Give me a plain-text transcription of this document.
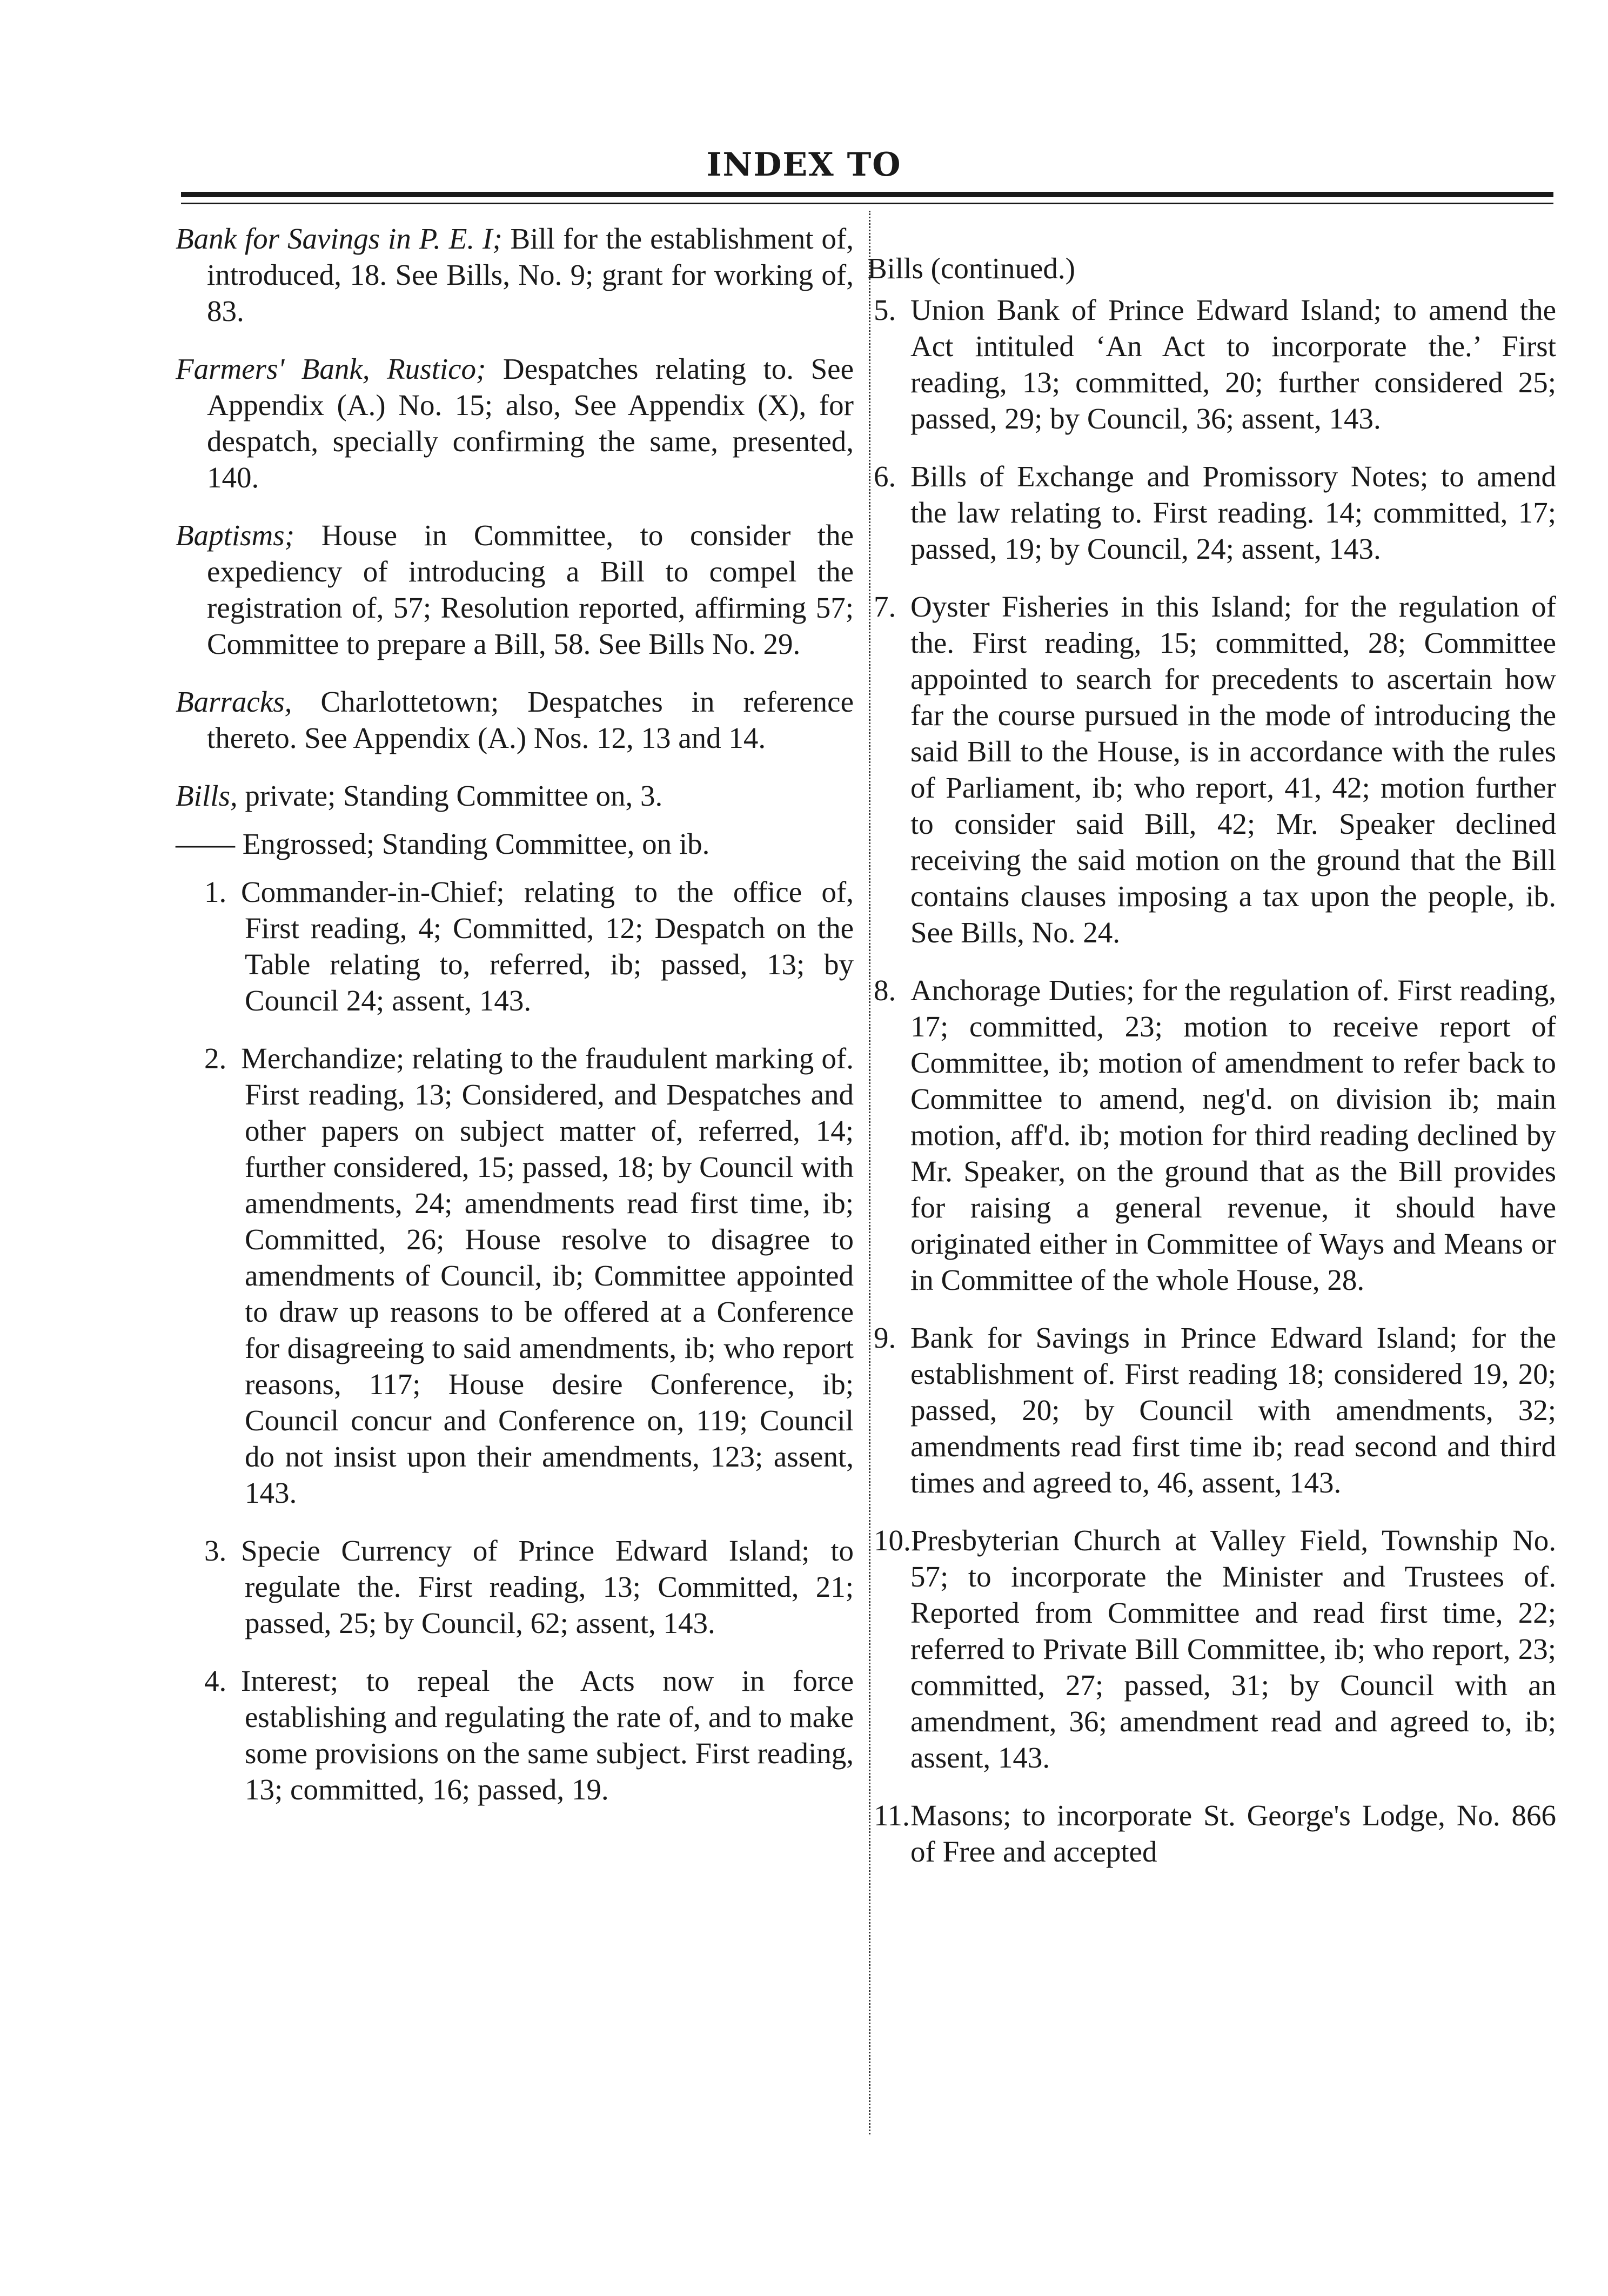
INDEX TO

Bank for Savings in P. E. I; Bill for the establishment of, introduced, 18. See Bills, No. 9; grant for working of, 83.

Farmers' Bank, Rustico; Despatches relating to. See Appendix (A.) No. 15; also, See Appendix (X), for despatch, specially confirming the same, presented, 140.

Baptisms; House in Committee, to consider the expediency of introducing a Bill to compel the registration of, 57; Resolution reported, affirming 57; Committee to prepare a Bill, 58. See Bills No. 29.

Barracks, Charlottetown; Despatches in reference thereto. See Appendix (A.) Nos. 12, 13 and 14.

Bills, private; Standing Committee on, 3.

—— Engrossed; Standing Committee, on ib.

1. Commander-in-Chief; relating to the office of, First reading, 4; Committed, 12; Despatch on the Table relating to, referred, ib; passed, 13; by Council 24; assent, 143.

2. Merchandize; relating to the fraudulent marking of. First reading, 13; Considered, and Despatches and other papers on subject matter of, referred, 14; further considered, 15; passed, 18; by Council with amendments, 24; amendments read first time, ib; Committed, 26; House resolve to disagree to amendments of Council, ib; Committee appointed to draw up reasons to be offered at a Conference for disagreeing to said amendments, ib; who report reasons, 117; House desire Conference, ib; Council concur and Conference on, 119; Council do not insist upon their amendments, 123; assent, 143.

3. Specie Currency of Prince Edward Island; to regulate the. First reading, 13; Committed, 21; passed, 25; by Council, 62; assent, 143.

4. Interest; to repeal the Acts now in force establishing and regulating the rate of, and to make some provisions on the same subject. First reading, 13; committed, 16; passed, 19.

Bills (continued.)

5. Union Bank of Prince Edward Island; to amend the Act intituled ‘An Act to incorporate the.’ First reading, 13; committed, 20; further considered 25; passed, 29; by Council, 36; assent, 143.

6. Bills of Exchange and Promissory Notes; to amend the law relating to. First reading. 14; committed, 17; passed, 19; by Council, 24; assent, 143.

7. Oyster Fisheries in this Island; for the regulation of the. First reading, 15; committed, 28; Committee appointed to search for precedents to ascertain how far the course pursued in the mode of introducing the said Bill to the House, is in accordance with the rules of Parliament, ib; who report, 41, 42; motion further to consider said Bill, 42; Mr. Speaker declined receiving the said motion on the ground that the Bill contains clauses imposing a tax upon the people, ib. See Bills, No. 24.

8. Anchorage Duties; for the regulation of. First reading, 17; committed, 23; motion to receive report of Committee, ib; motion of amendment to refer back to Committee to amend, neg'd. on division ib; main motion, aff'd. ib; motion for third reading declined by Mr. Speaker, on the ground that as the Bill provides for raising a general revenue, it should have originated either in Committee of Ways and Means or in Committee of the whole House, 28.

9. Bank for Savings in Prince Edward Island; for the establishment of. First reading 18; considered 19, 20; passed, 20; by Council with amendments, 32; amendments read first time ib; read second and third times and agreed to, 46, assent, 143.

10.Presbyterian Church at Valley Field, Township No. 57; to incorporate the Minister and Trustees of. Reported from Committee and read first time, 22; referred to Private Bill Committee, ib; who report, 23; committed, 27; passed, 31; by Council with an amendment, 36; amendment read and agreed to, ib; assent, 143.

11.Masons; to incorporate St. George's Lodge, No. 866 of Free and accepted
